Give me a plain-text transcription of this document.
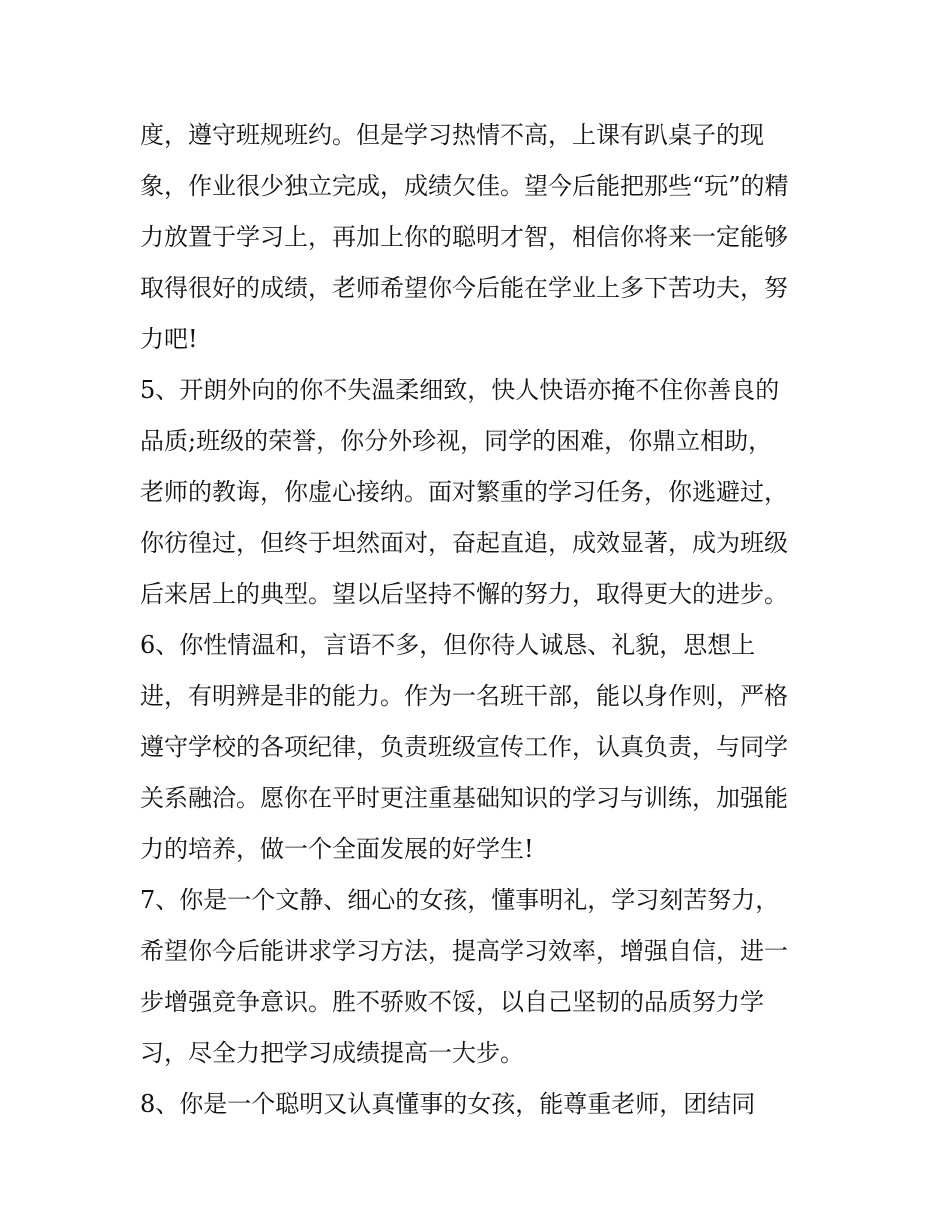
度，遵守班规班约。但是学习热情不高，上课有趴桌子的现
象，作业很少独立完成，成绩欠佳。望今后能把那些“玩”的精
力放置于学习上，再加上你的聪明才智，相信你将来一定能够
取得很好的成绩，老师希望你今后能在学业上多下苦功夫，努
力吧!
5、开朗外向的你不失温柔细致，快人快语亦掩不住你善良的
品质;班级的荣誉，你分外珍视，同学的困难，你鼎立相助，
老师的教诲，你虚心接纳。面对繁重的学习任务，你逃避过，
你彷徨过，但终于坦然面对，奋起直追，成效显著，成为班级
后来居上的典型。望以后坚持不懈的努力，取得更大的进步。
6、你性情温和，言语不多，但你待人诚恳、礼貌，思想上
进，有明辨是非的能力。作为一名班干部，能以身作则，严格
遵守学校的各项纪律，负责班级宣传工作，认真负责，与同学
关系融洽。愿你在平时更注重基础知识的学习与训练，加强能
力的培养，做一个全面发展的好学生!
7、你是一个文静、细心的女孩，懂事明礼，学习刻苦努力，
希望你今后能讲求学习方法，提高学习效率，增强自信，进一
步增强竞争意识。胜不骄败不馁，以自己坚韧的品质努力学
习，尽全力把学习成绩提高一大步。
8、你是一个聪明又认真懂事的女孩，能尊重老师，团结同
